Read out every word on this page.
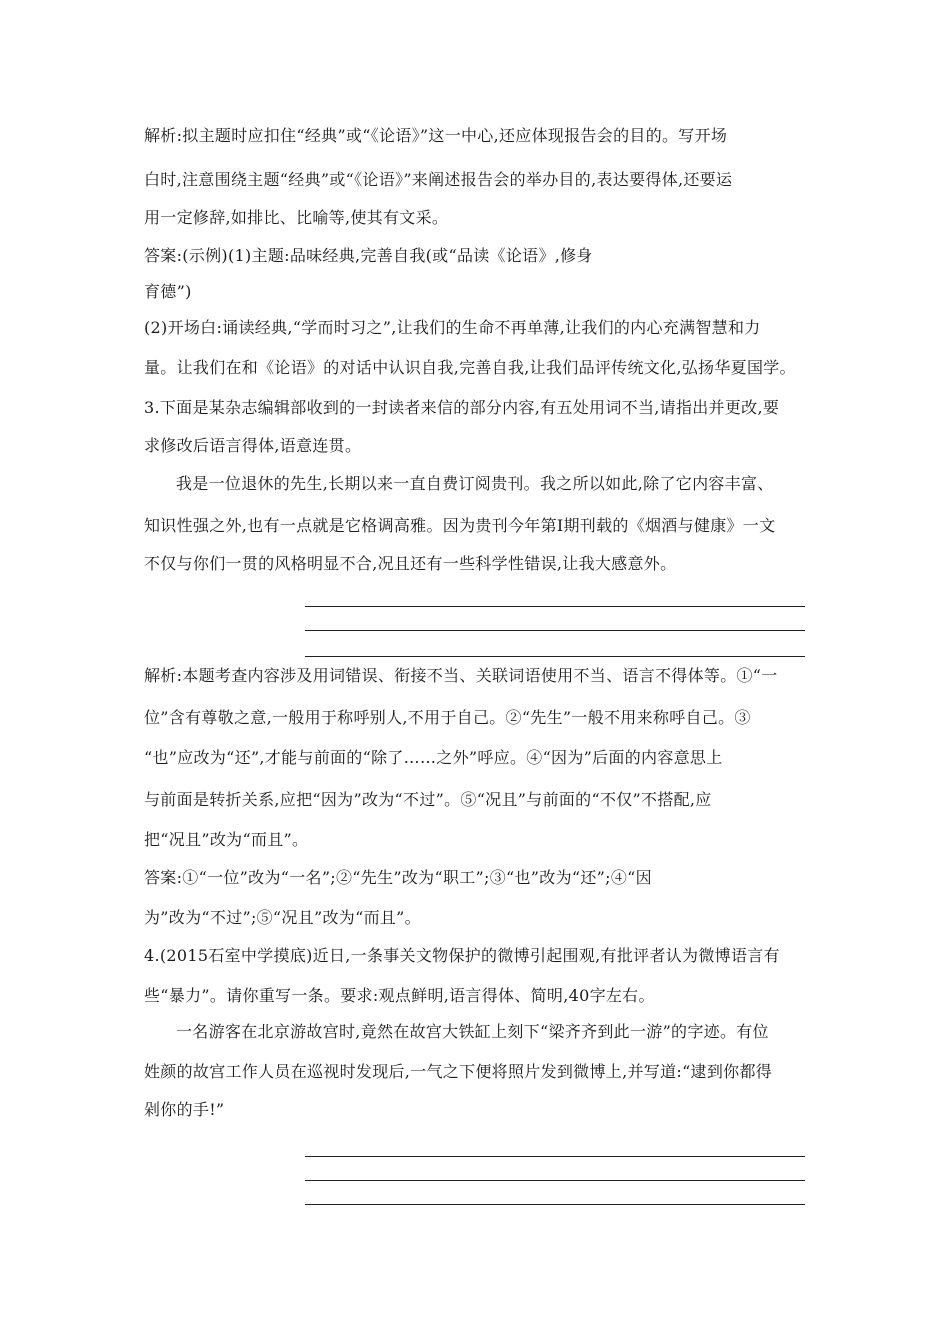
解析:拟主题时应扣住“经典”或“《论语》”这一中心,还应体现报告会的目的。写开场
白时,注意围绕主题“经典”或“《论语》”来阐述报告会的举办目的,表达要得体,还要运
用一定修辞,如排比、比喻等,使其有文采。
答案:(示例)(1)主题:品味经典,完善自我(或“品读《论语》,修身
育德”)
(2)开场白:诵读经典,“学而时习之”,让我们的生命不再单薄,让我们的内心充满智慧和力
量。让我们在和《论语》的对话中认识自我,完善自我,让我们品评传统文化,弘扬华夏国学。
3.下面是某杂志编辑部收到的一封读者来信的部分内容,有五处用词不当,请指出并更改,要
求修改后语言得体,语意连贯。
我是一位退休的先生,长期以来一直自费订阅贵刊。我之所以如此,除了它内容丰富、
知识性强之外,也有一点就是它格调高雅。因为贵刊今年第Ⅰ期刊载的《烟酒与健康》一文
不仅与你们一贯的风格明显不合,况且还有一些科学性错误,让我大感意外。
解析:本题考查内容涉及用词错误、衔接不当、关联词语使用不当、语言不得体等。①“一
位”含有尊敬之意,一般用于称呼别人,不用于自己。②“先生”一般不用来称呼自己。③
“也”应改为“还”,才能与前面的“除了……之外”呼应。④“因为”后面的内容意思上
与前面是转折关系,应把“因为”改为“不过”。⑤“况且”与前面的“不仅”不搭配,应
把“况且”改为“而且”。
答案:①“一位”改为“一名”;②“先生”改为“职工”;③“也”改为“还”;④“因
为”改为“不过”;⑤“况且”改为“而且”。
4.(2015石室中学摸底)近日,一条事关文物保护的微博引起围观,有批评者认为微博语言有
些“暴力”。请你重写一条。要求:观点鲜明,语言得体、简明,40字左右。
一名游客在北京游故宫时,竟然在故宫大铁缸上刻下“梁齐齐到此一游”的字迹。有位
姓颜的故宫工作人员在巡视时发现后,一气之下便将照片发到微博上,并写道:“逮到你都得
剁你的手!”
